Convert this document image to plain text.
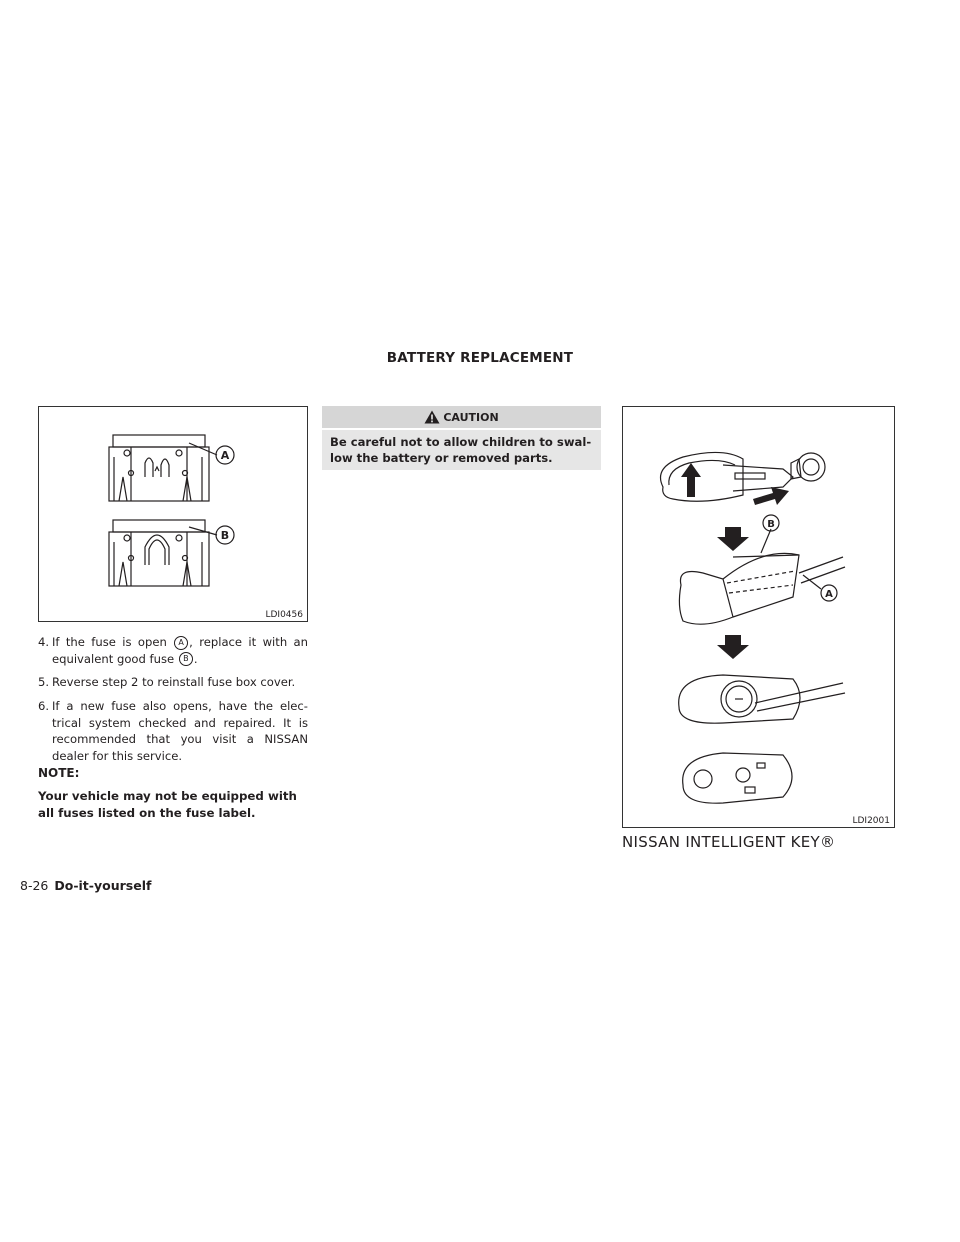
BATTERY REPLACEMENT
A
B
LDI0456
4. If the fuse is open A , replace it with an equivalent good fuse B .
5. Reverse step 2 to reinstall fuse box cover.
6. If a new fuse also opens, have the elec- trical system checked and repaired. It is recommended that you visit a NISSAN dealer for this service.
NOTE:
Your vehicle may not be equipped with all fuses listed on the fuse label.
CAUTION
Be careful not to allow children to swal- low the battery or removed parts.
B
A
LDI2001
NISSAN INTELLIGENT KEY®
8-26 Do-it-yourself
